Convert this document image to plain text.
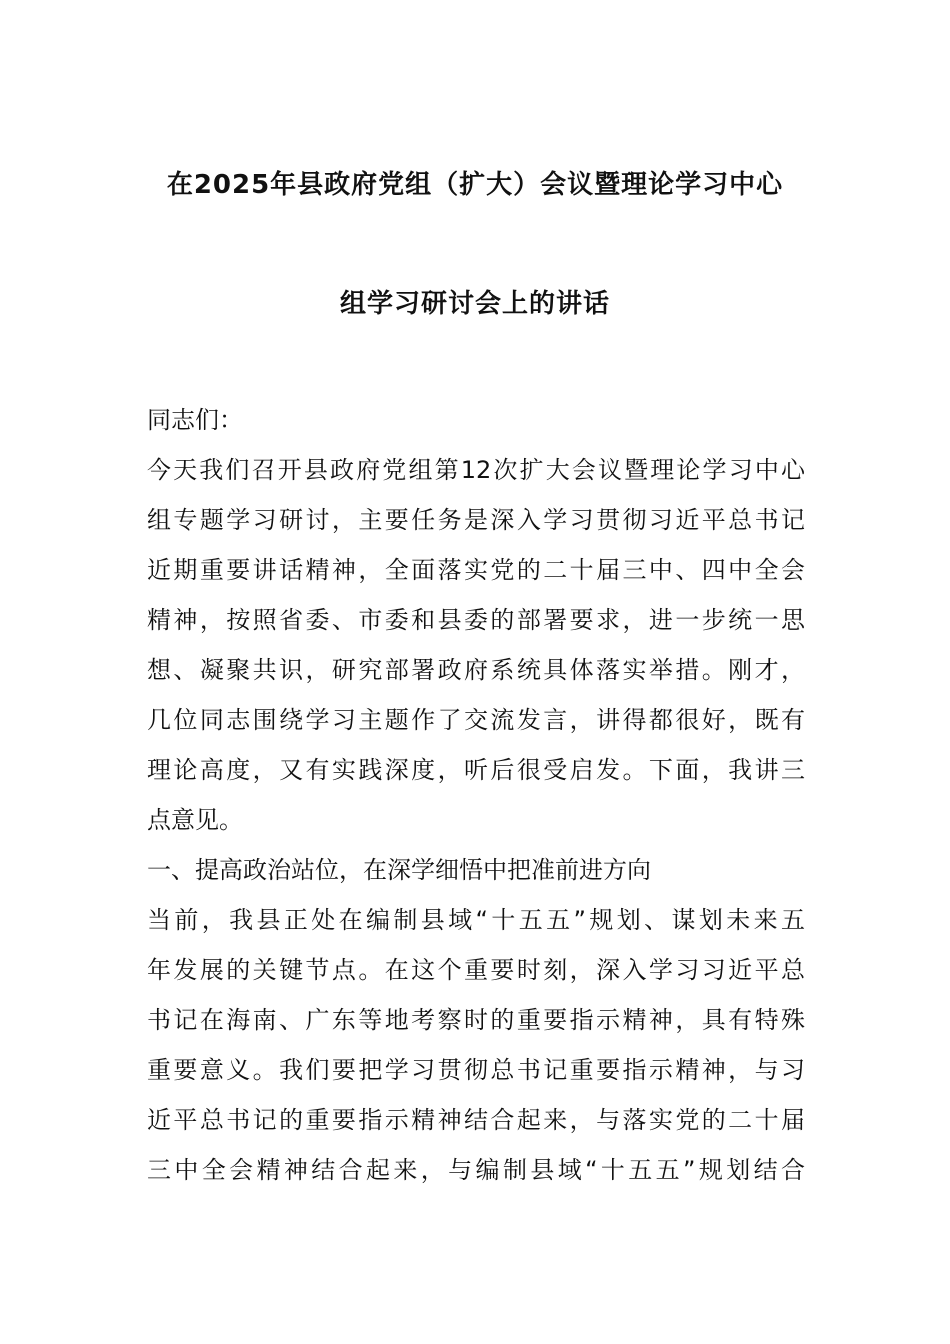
在2025年县政府党组（扩大）会议暨理论学习中心
组学习研讨会上的讲话
同志们：
今天我们召开县政府党组第12次扩大会议暨理论学习中心
组专题学习研讨，主要任务是深入学习贯彻习近平总书记
近期重要讲话精神，全面落实党的二十届三中、四中全会
精神，按照省委、市委和县委的部署要求，进一步统一思
想、凝聚共识，研究部署政府系统具体落实举措。刚才，
几位同志围绕学习主题作了交流发言，讲得都很好，既有
理论高度，又有实践深度，听后很受启发。下面，我讲三
点意见。
一、提高政治站位，在深学细悟中把准前进方向
当前，我县正处在编制县域“十五五”规划、谋划未来五
年发展的关键节点。在这个重要时刻，深入学习习近平总
书记在海南、广东等地考察时的重要指示精神，具有特殊
重要意义。我们要把学习贯彻总书记重要指示精神，与习
近平总书记的重要指示精神结合起来，与落实党的二十届
三中全会精神结合起来，与编制县域“十五五”规划结合
